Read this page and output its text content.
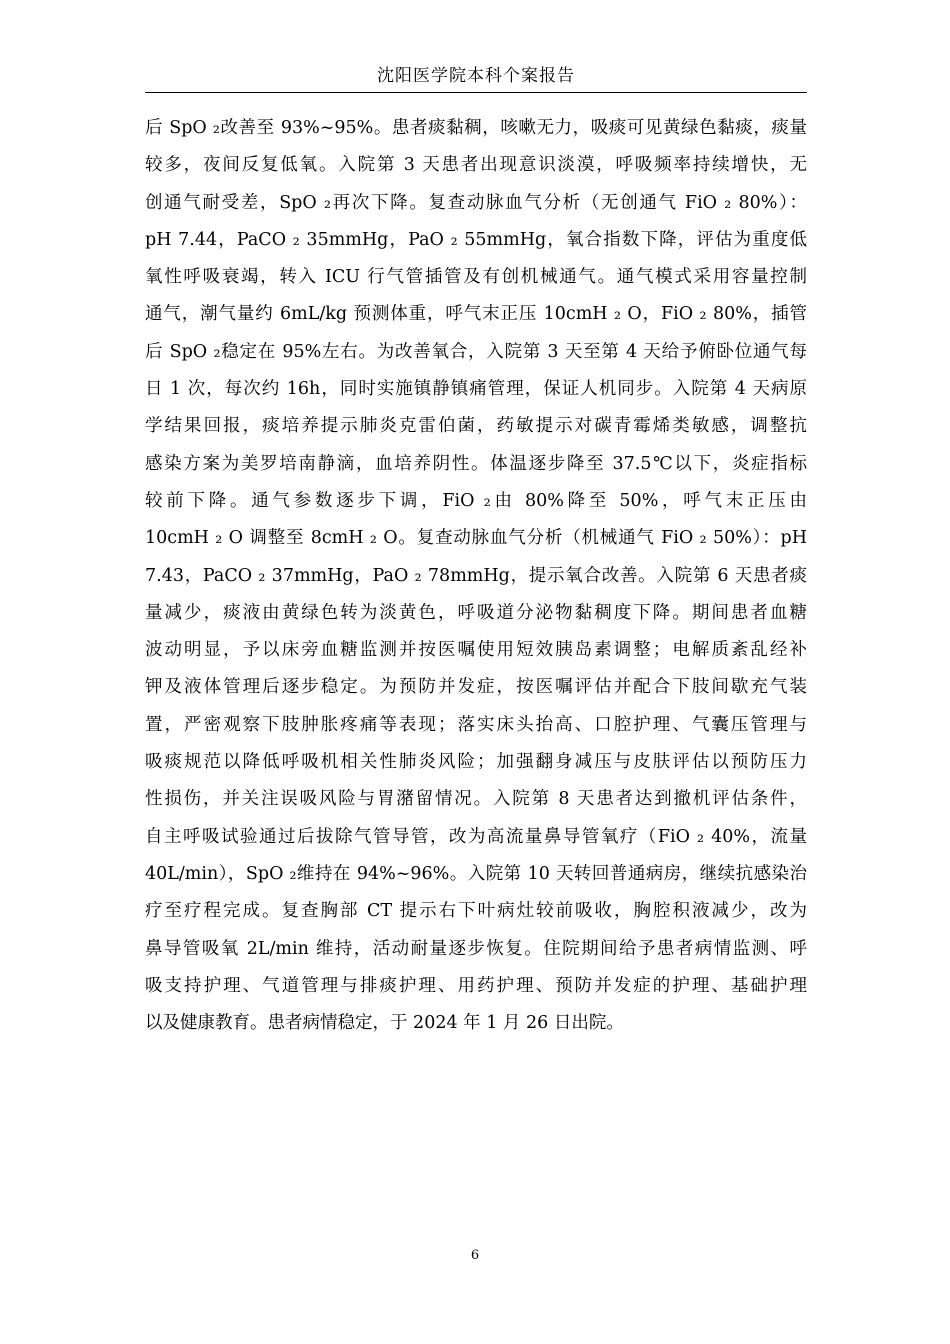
沈阳医学院本科个案报告
后 SpO ₂改善至 93%~95%。患者痰黏稠，咳嗽无力，吸痰可见黄绿色黏痰，痰量
较多，夜间反复低氧。入院第 3 天患者出现意识淡漠，呼吸频率持续增快，无
创通气耐受差，SpO ₂再次下降。复查动脉血气分析（无创通气 FiO ₂ 80%）：
pH 7.44，PaCO ₂ 35mmHg，PaO ₂ 55mmHg，氧合指数下降，评估为重度低
氧性呼吸衰竭，转入 ICU 行气管插管及有创机械通气。通气模式采用容量控制
通气，潮气量约 6mL/kg 预测体重，呼气末正压 10cmH ₂ O，FiO ₂ 80%，插管
后 SpO ₂稳定在 95%左右。为改善氧合，入院第 3 天至第 4 天给予俯卧位通气每
日 1 次，每次约 16h，同时实施镇静镇痛管理，保证人机同步。入院第 4 天病原
学结果回报，痰培养提示肺炎克雷伯菌，药敏提示对碳青霉烯类敏感，调整抗
感染方案为美罗培南静滴，血培养阴性。体温逐步降至 37.5℃以下，炎症指标
较前下降。通气参数逐步下调，FiO ₂由 80%降至 50%，呼气末正压由
10cmH ₂ O 调整至 8cmH ₂ O。复查动脉血气分析（机械通气 FiO ₂ 50%）：pH
7.43，PaCO ₂ 37mmHg，PaO ₂ 78mmHg，提示氧合改善。入院第 6 天患者痰
量减少，痰液由黄绿色转为淡黄色，呼吸道分泌物黏稠度下降。期间患者血糖
波动明显，予以床旁血糖监测并按医嘱使用短效胰岛素调整；电解质紊乱经补
钾及液体管理后逐步稳定。为预防并发症，按医嘱评估并配合下肢间歇充气装
置，严密观察下肢肿胀疼痛等表现；落实床头抬高、口腔护理、气囊压管理与
吸痰规范以降低呼吸机相关性肺炎风险；加强翻身减压与皮肤评估以预防压力
性损伤，并关注误吸风险与胃潴留情况。入院第 8 天患者达到撤机评估条件，
自主呼吸试验通过后拔除气管导管，改为高流量鼻导管氧疗（FiO ₂ 40%，流量
40L/min），SpO ₂维持在 94%~96%。入院第 10 天转回普通病房，继续抗感染治
疗至疗程完成。复查胸部 CT 提示右下叶病灶较前吸收，胸腔积液减少，改为
鼻导管吸氧 2L/min 维持，活动耐量逐步恢复。住院期间给予患者病情监测、呼
吸支持护理、气道管理与排痰护理、用药护理、预防并发症的护理、基础护理
以及健康教育。患者病情稳定，于 2024 年 1 月 26 日出院。
6
